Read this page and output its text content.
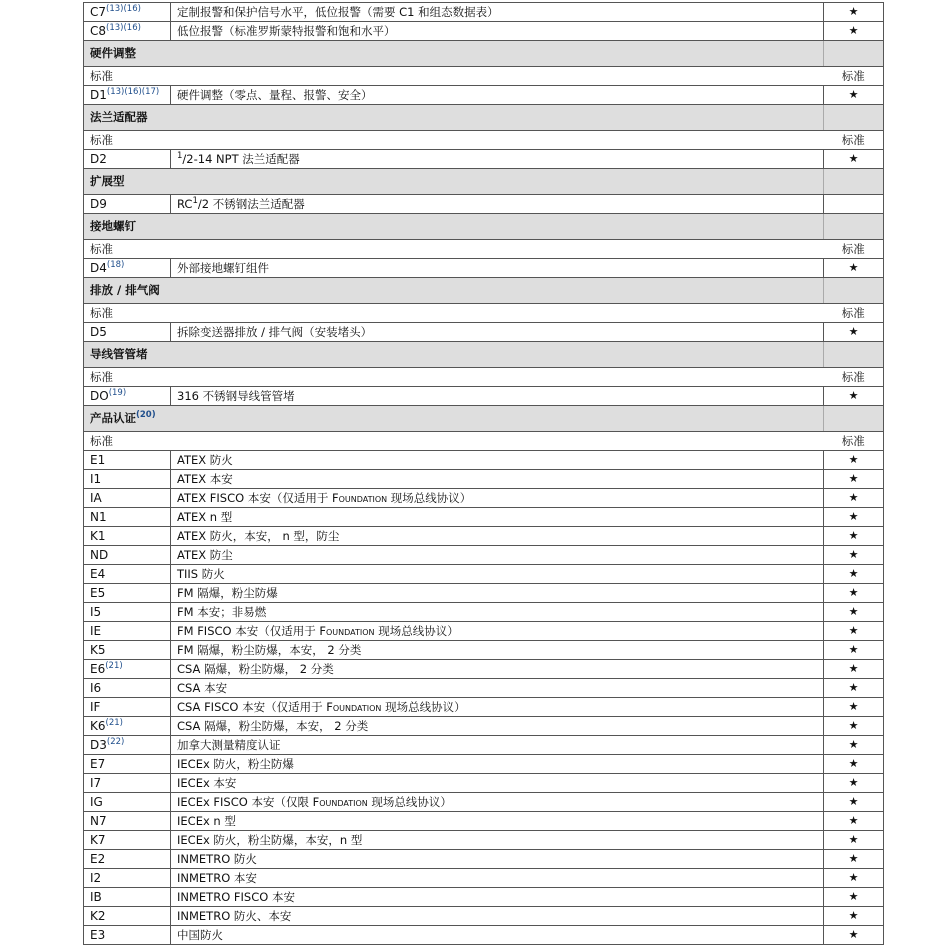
C7$^{(13)(16)}$	定制报警和保护信号水平，低位报警（需要 C1 和组态数据表）	★
C8$^{(13)(16)}$	低位报警（标准罗斯蒙特报警和饱和水平）	★
硬件调整		
标准		标准
D1$^{(13)(16)(17)}$	硬件调整（零点、量程、报警、安全）	★
法兰适配器		
标准		标准
D2	$^1$/2-14 NPT 法兰适配器	★
扩展型		
D9	$RC^1/2$ 不锈钢法兰适配器	
接地螺钉		
标准		标准
D4$^{(18)}$	外部接地螺钉组件	★
排放 / 排气阀		
标准		标准
D5	拆除变送器排放 / 排气阀（安装堵头）	★
导线管管堵		
标准		标准
DO$^{(19)}$	316 不锈钢导线管管堵	★
产品认证$^{(20)}$	
标准		标准
E1	ATEX 防火	★
I1	ATEX 本安	★
IA	ATEX FISCO 本安（仅适用于 Foundation 现场总线协议）	★
N1	ATEX n 型	★
K1	ATEX 防火，本安， n 型，防尘	★
ND	ATEX 防尘	★
E4	TIIS 防火	★
E5	FM 隔爆，粉尘防爆	★
I5	FM 本安；非易燃	★
IE	FM FISCO 本安（仅适用于 Foundation 现场总线协议）	★
K5	FM 隔爆，粉尘防爆，本安， 2 分类	★
E6$^{(21)}$	CSA 隔爆，粉尘防爆， 2 分类	★
I6	CSA 本安	★
IF	CSA FISCO 本安（仅适用于 Foundation 现场总线协议）	★
K6$^{(21)}$	CSA 隔爆，粉尘防爆，本安， 2 分类	★
D3$^{(22)}$	加拿大测量精度认证	★
E7	IECEx 防火，粉尘防爆	★
I7	IECEx 本安	★
IG	IECEx FISCO 本安（仅限 Foundation 现场总线协议）	★
N7	IECEx n 型	★
K7	IECEx 防火，粉尘防爆，本安，n 型	★
E2	INMETRO 防火	★
I2	INMETRO 本安	★
IB	INMETRO FISCO 本安	★
K2	INMETRO 防火、本安	★
E3	中国防火	★
